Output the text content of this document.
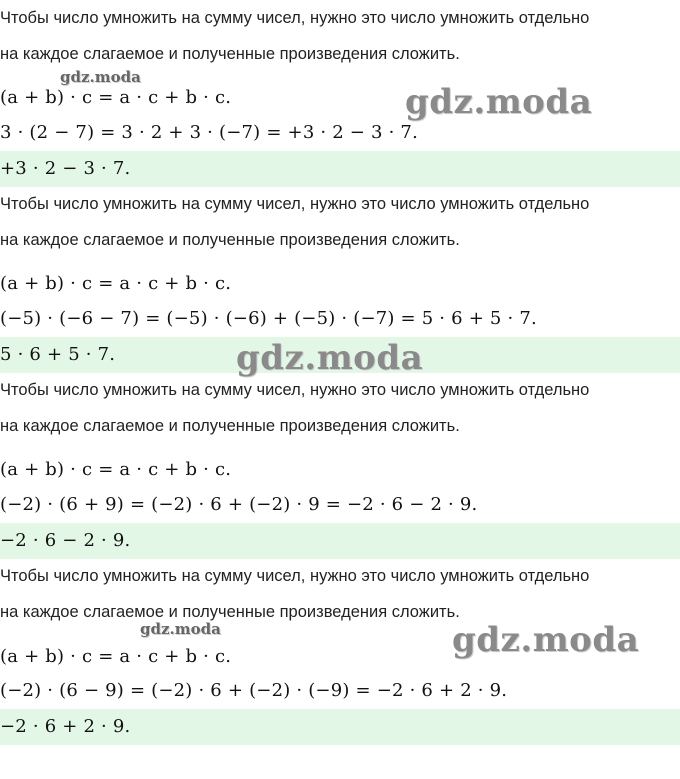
Чтобы число умножить на сумму чисел, нужно это число умножить отдельно
на каждое слагаемое и полученные произведения сложить.
(a + b) · c = a · c + b · c.
3 · (2 − 7) = 3 · 2 + 3 · (−7) = +3 · 2 − 3 · 7.
+3 · 2 − 3 · 7.
Чтобы число умножить на сумму чисел, нужно это число умножить отдельно
на каждое слагаемое и полученные произведения сложить.
(a + b) · c = a · c + b · c.
(−5) · (−6 − 7) = (−5) · (−6) + (−5) · (−7) = 5 · 6 + 5 · 7.
5 · 6 + 5 · 7.
Чтобы число умножить на сумму чисел, нужно это число умножить отдельно
на каждое слагаемое и полученные произведения сложить.
(a + b) · c = a · c + b · c.
(−2) · (6 + 9) = (−2) · 6 + (−2) · 9 = −2 · 6 − 2 · 9.
−2 · 6 − 2 · 9.
Чтобы число умножить на сумму чисел, нужно это число умножить отдельно
на каждое слагаемое и полученные произведения сложить.
(a + b) · c = a · c + b · c.
(−2) · (6 − 9) = (−2) · 6 + (−2) · (−9) = −2 · 6 + 2 · 9.
−2 · 6 + 2 · 9.
gdz.moda
gdz.moda
gdz.moda
gdz.moda	gdz.moda
